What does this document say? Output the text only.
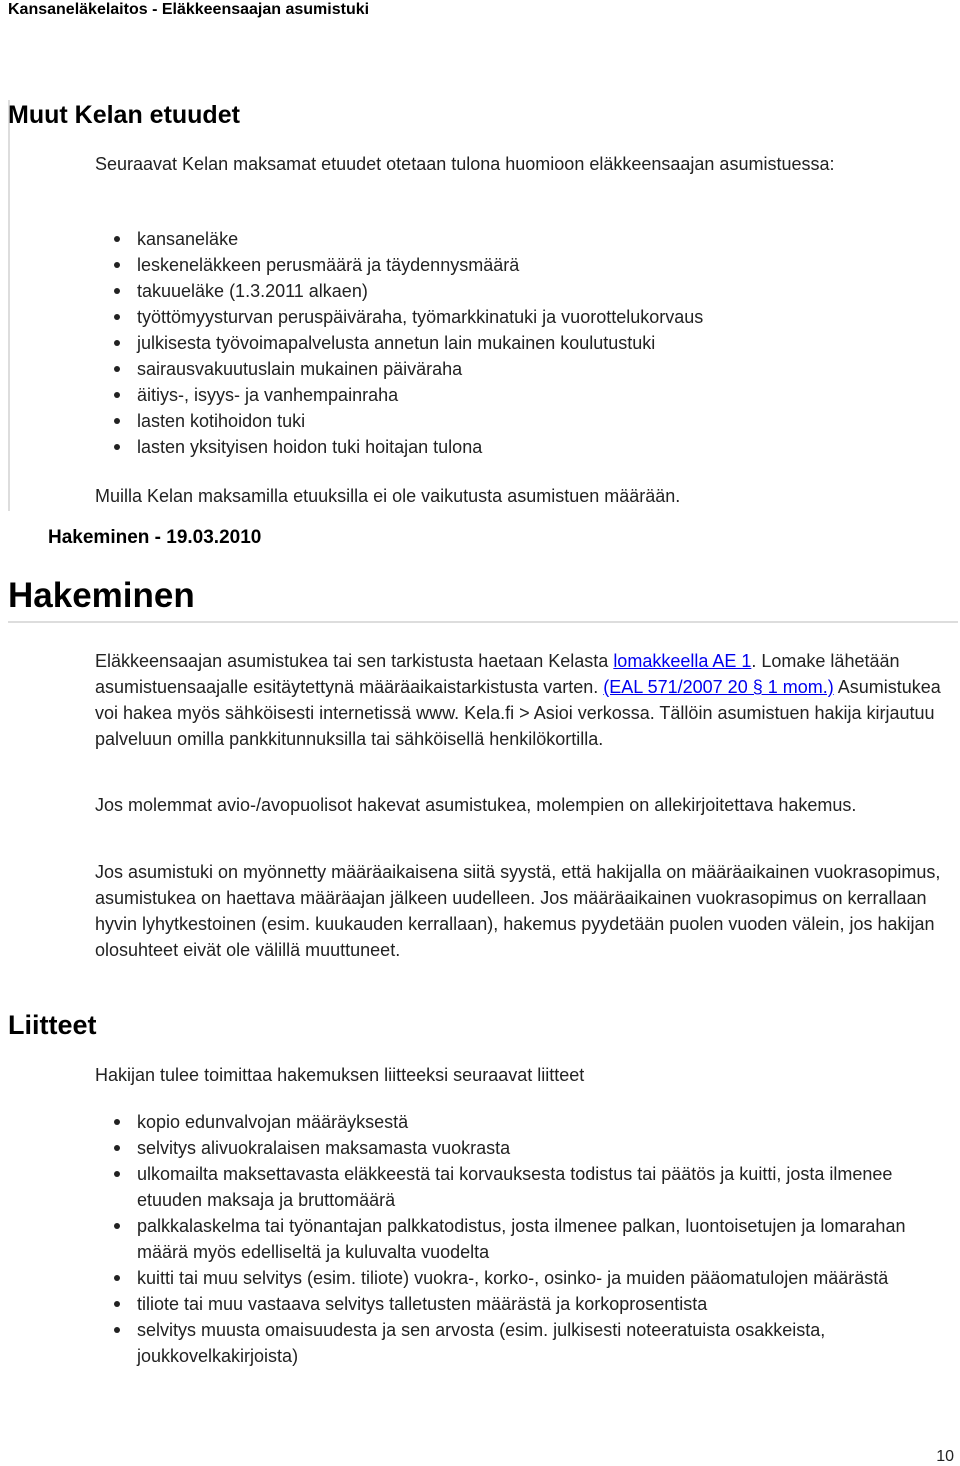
Kansaneläkelaitos - Eläkkeensaajan asumistuki
Muut Kelan etuudet

Seuraavat Kelan maksamat etuudet otetaan tulona huomioon eläkkeensaajan asumistuessa:

kansaneläke
leskeneläkkeen perusmäärä ja täydennysmäärä
takuueläke (1.3.2011 alkaen)
työttömyysturvan peruspäiväraha, työmarkkinatuki ja vuorottelukorvaus
julkisesta työvoimapalvelusta annetun lain mukainen koulutustuki
sairausvakuutuslain mukainen päiväraha
äitiys-, isyys- ja vanhempainraha
lasten kotihoidon tuki
lasten yksityisen hoidon tuki hoitajan tulona

Muilla Kelan maksamilla etuuksilla ei ole vaikutusta asumistuen määrään.

Hakeminen - 19.03.2010
Hakeminen

Eläkkeensaajan asumistukea tai sen tarkistusta haetaan Kelasta lomakkeella AE 1. Lomake lähetään asumistuensaajalle esitäytettynä määräaikaistarkistusta varten. (EAL 571/2007 20 § 1 mom.) Asumistukea voi hakea myös sähköisesti internetissä www. Kela.fi > Asioi verkossa. Tällöin asumistuen hakija kirjautuu palveluun omilla pankkitunnuksilla tai sähköisellä henkilökortilla.

Jos molemmat avio-/avopuolisot hakevat asumistukea, molempien on allekirjoitettava hakemus.

Jos asumistuki on myönnetty määräaikaisena siitä syystä, että hakijalla on määräaikainen vuokrasopimus, asumistukea on haettava määräajan jälkeen uudelleen. Jos määräaikainen vuokrasopimus on kerrallaan hyvin lyhytkestoinen (esim. kuukauden kerrallaan), hakemus pyydetään puolen vuoden välein, jos hakijan olosuhteet eivät ole välillä muuttuneet.

Liitteet

Hakijan tulee toimittaa hakemuksen liitteeksi seuraavat liitteet

kopio edunvalvojan määräyksestä
selvitys alivuokralaisen maksamasta vuokrasta
ulkomailta maksettavasta eläkkeestä tai korvauksesta todistus tai päätös ja kuitti, josta ilmenee etuuden maksaja ja bruttomäärä
palkkalaskelma tai työnantajan palkkatodistus, josta ilmenee palkan, luontoisetujen ja lomarahan määrä myös edelliseltä ja kuluvalta vuodelta
kuitti tai muu selvitys (esim. tiliote) vuokra-, korko-, osinko- ja muiden pääomatulojen määrästä
tiliote tai muu vastaava selvitys talletusten määrästä ja korkoprosentista
selvitys muusta omaisuudesta ja sen arvosta (esim. julkisesti noteeratuista osakkeista, joukkovelkakirjoista)
10
